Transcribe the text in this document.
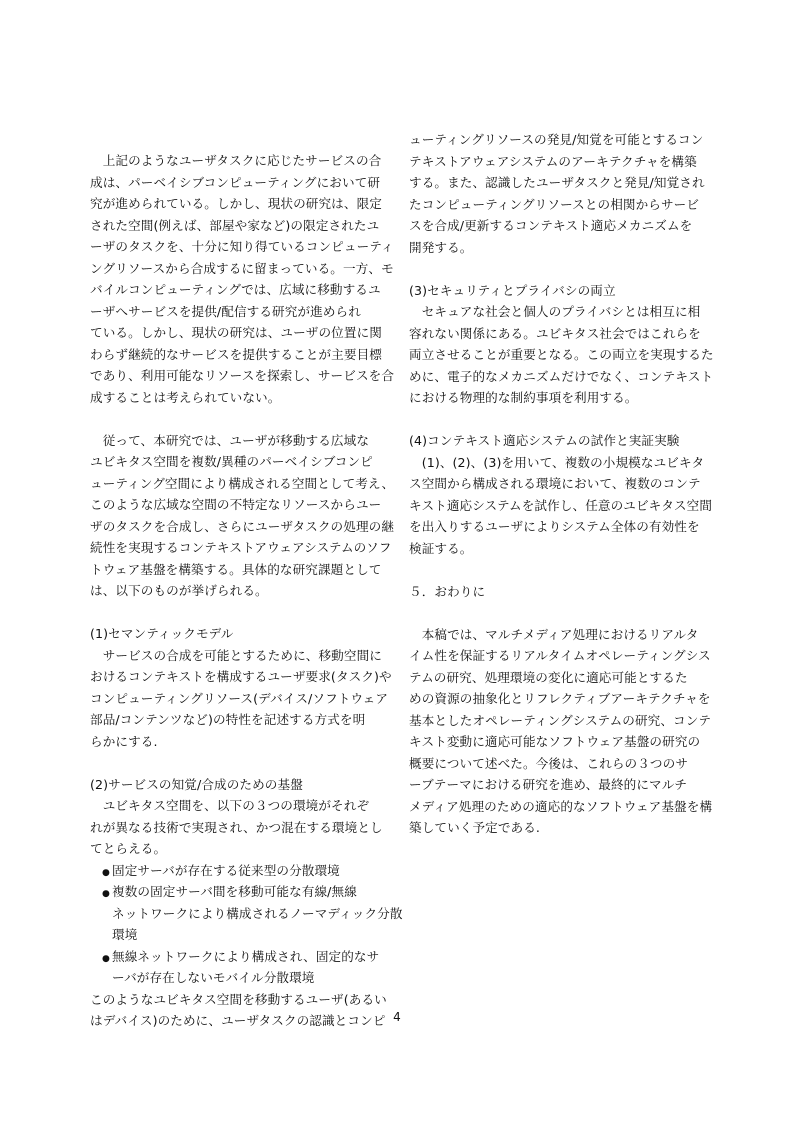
　上記のようなユーザタスクに応じたサービスの合
成は、パーベイシブコンピューティングにおいて研
究が進められている。しかし、現状の研究は、限定
された空間(例えば、部屋や家など)の限定されたユ
ーザのタスクを、十分に知り得ているコンピューティ
ングリソースから合成するに留まっている。一方、モ
バイルコンピューティングでは、広域に移動するユ
ーザへサービスを提供/配信する研究が進められ
ている。しかし、現状の研究は、ユーザの位置に関
わらず継続的なサービスを提供することが主要目標
であり、利用可能なリソースを探索し、サービスを合
成することは考えられていない。
　従って、本研究では、ユーザが移動する広域な
ユビキタス空間を複数/異種のパーベイシブコンピ
ューティング空間により構成される空間として考え、
このような広域な空間の不特定なリソースからユー
ザのタスクを合成し、さらにユーザタスクの処理の継
続性を実現するコンテキストアウェアシステムのソフ
トウェア基盤を構築する。具体的な研究課題として
は、以下のものが挙げられる。
(1)セマンティックモデル
　サービスの合成を可能とするために、移動空間に
おけるコンテキストを構成するユーザ要求(タスク)や
コンピューティングリソース(デバイス/ソフトウェア
部品/コンテンツなど)の特性を記述する方式を明
らかにする.
(2)サービスの知覚/合成のための基盤
　ユビキタス空間を、以下の３つの環境がそれぞ
れが異なる技術で実現され、かつ混在する環境とし
てとらえる。
● 固定サーバが存在する従来型の分散環境
● 複数の固定サーバ間を移動可能な有線/無線
ネットワークにより構成されるノーマディック分散
環境
● 無線ネットワークにより構成され、固定的なサ
ーバが存在しないモバイル分散環境
このようなユビキタス空間を移動するユーザ(あるい
はデバイス)のために、ユーザタスクの認識とコンピ
ューティングリソースの発見/知覚を可能とするコン
テキストアウェアシステムのアーキテクチャを構築
する。また、認識したユーザタスクと発見/知覚され
たコンピューティングリソースとの相関からサービ
スを合成/更新するコンテキスト適応メカニズムを
開発する。
(3)セキュリティとプライバシの両立
　セキュアな社会と個人のプライバシとは相互に相
容れない関係にある。ユビキタス社会ではこれらを
両立させることが重要となる。この両立を実現するた
めに、電子的なメカニズムだけでなく、コンテキスト
における物理的な制約事項を利用する。
(4)コンテキスト適応システムの試作と実証実験
　(1)、(2)、(3)を用いて、複数の小規模なユビキタ
ス空間から構成される環境において、複数のコンテ
キスト適応システムを試作し、任意のユビキタス空間
を出入りするユーザによりシステム全体の有効性を
検証する。
５．おわりに
　本稿では、マルチメディア処理におけるリアルタ
イム性を保証するリアルタイムオペレーティングシス
テムの研究、処理環境の変化に適応可能とするた
めの資源の抽象化とリフレクティブアーキテクチャを
基本としたオペレーティングシステムの研究、コンテ
キスト変動に適応可能なソフトウェア基盤の研究の
概要について述べた。今後は、これらの３つのサ
ーブテーマにおける研究を進め、最終的にマルチ
メディア処理のための適応的なソフトウェア基盤を構
築していく予定である.
4
